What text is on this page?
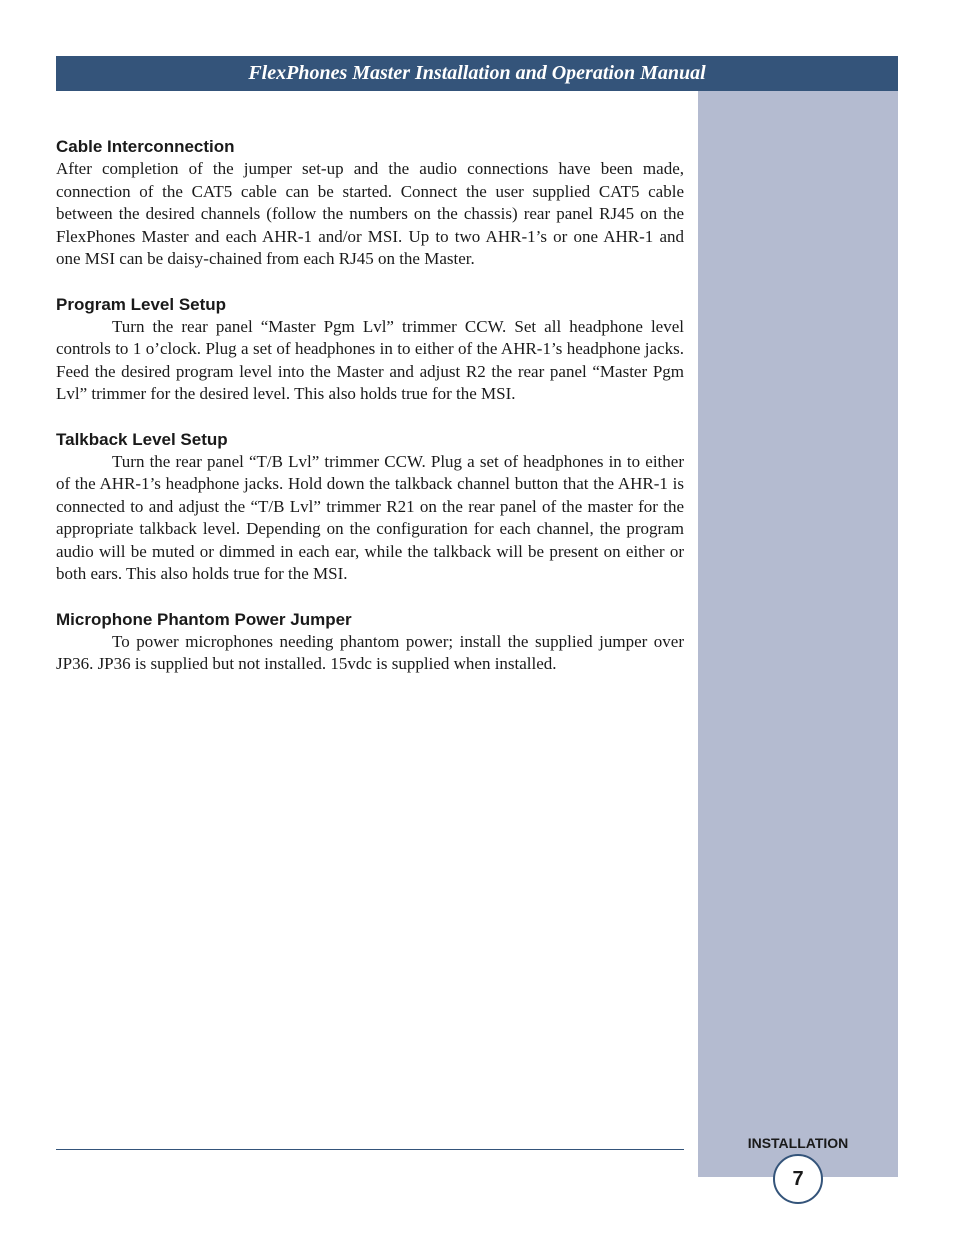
FlexPhones Master Installation and Operation Manual
Cable Interconnection

After completion of the jumper set-up and the audio connections have been made, connection of the CAT5 cable can be started. Connect the user supplied CAT5 cable between the desired channels (follow the numbers on the chassis) rear panel RJ45 on the FlexPhones Master and each AHR-1 and/or MSI. Up to two AHR-1’s or one AHR-1 and one MSI can be daisy-chained from each RJ45 on the Master.

Program Level Setup

Turn the rear panel “Master Pgm Lvl” trimmer CCW. Set all headphone level controls to 1 o’clock. Plug a set of headphones in to either of the AHR-1’s headphone jacks. Feed the desired program level into the Master and adjust R2 the rear panel “Master Pgm Lvl” trimmer for the desired level. This also holds true for the MSI.

Talkback Level Setup

Turn the rear panel “T/B Lvl” trimmer CCW. Plug a set of headphones in to either of the AHR-1’s headphone jacks. Hold down the talkback channel button that the AHR-1 is connected to and adjust the “T/B Lvl” trimmer R21 on the rear panel of the master for the appropriate talkback level. Depending on the configuration for each channel, the program audio will be muted or dimmed in each ear, while the talkback will be present on either or both ears. This also holds true for the MSI.

Microphone Phantom Power Jumper

To power microphones needing phantom power; install the supplied jumper over JP36. JP36 is supplied but not installed. 15vdc is supplied when installed.

INSTALLATION
7
